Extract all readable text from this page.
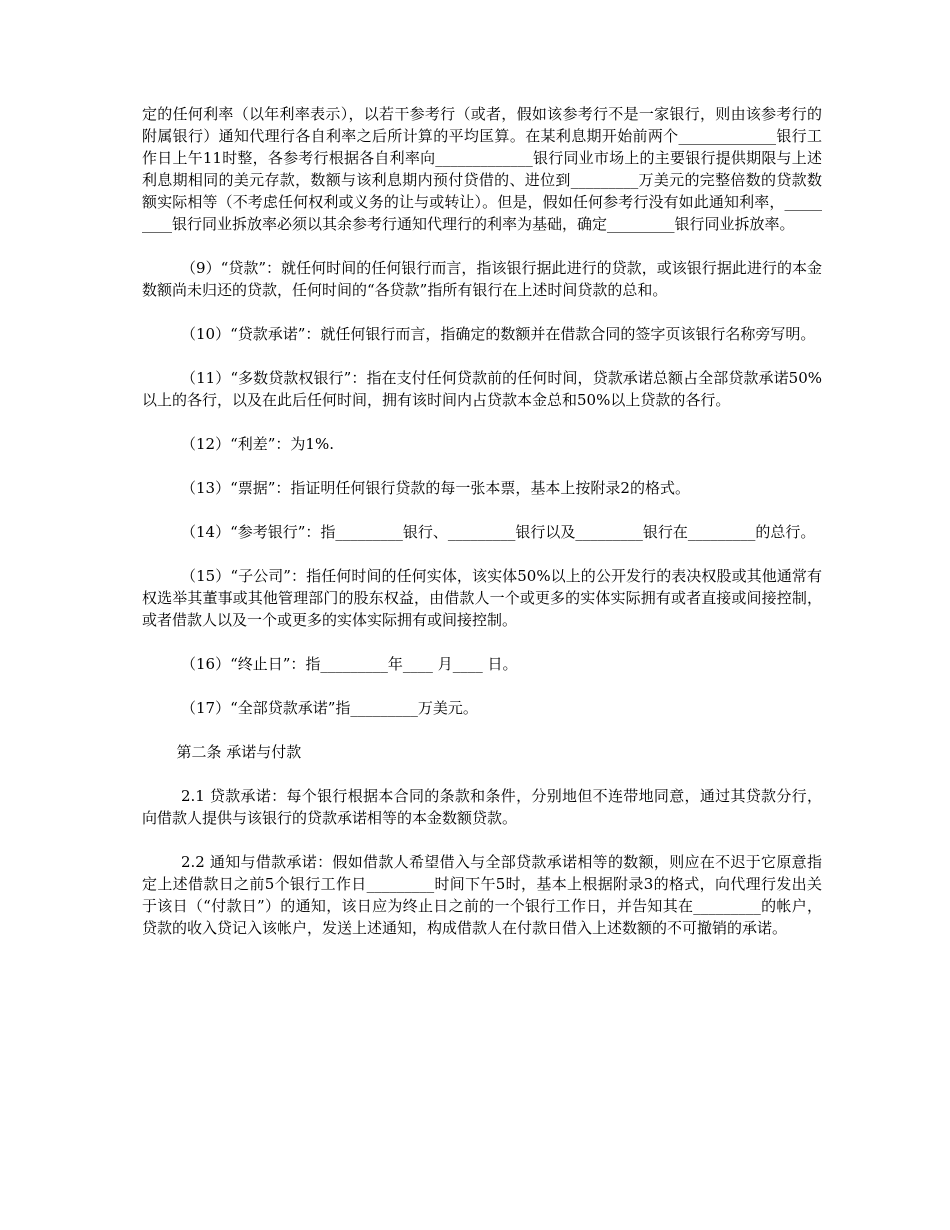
定的任何利率（以年利率表示），以若干参考行（或者，假如该参考行不是一家银行，则由该参考行的附属银行）通知代理行各自利率之后所计算的平均匡算。在某利息期开始前两个_____________银行工作日上午11时整，各参考行根据各自利率向_____________银行同业市场上的主要银行提供期限与上述利息期相同的美元存款，数额与该利息期内预付贷借的、进位到_________万美元的完整倍数的贷款数额实际相等（不考虑任何权利或义务的让与或转让）。但是，假如任何参考行没有如此通知利率，_________银行同业拆放率必须以其余参考行通知代理行的利率为基础，确定_________银行同业拆放率。

（9）“贷款”：就任何时间的任何银行而言，指该银行据此进行的贷款，或该银行据此进行的本金数额尚未归还的贷款，任何时间的“各贷款”指所有银行在上述时间贷款的总和。

（10）“贷款承诺”：就任何银行而言，指确定的数额并在借款合同的签字页该银行名称旁写明。

（11）“多数贷款权银行”：指在支付任何贷款前的任何时间，贷款承诺总额占全部贷款承诺50%以上的各行，以及在此后任何时间，拥有该时间内占贷款本金总和50%以上贷款的各行。

（12）“利差”：为1%.

（13）“票据”：指证明任何银行贷款的每一张本票，基本上按附录2的格式。

（14）“参考银行”：指_________银行、_________银行以及_________银行在_________的总行。

（15）“子公司”：指任何时间的任何实体，该实体50%以上的公开发行的表决权股或其他通常有权选举其董事或其他管理部门的股东权益，由借款人一个或更多的实体实际拥有或者直接或间接控制，或者借款人以及一个或更多的实体实际拥有或间接控制。

（16）“终止日”：指_________年____ 月____ 日。

（17）“全部贷款承诺”指_________万美元。

第二条 承诺与付款

2.1 贷款承诺：每个银行根据本合同的条款和条件，分别地但不连带地同意，通过其贷款分行，向借款人提供与该银行的贷款承诺相等的本金数额贷款。

2.2 通知与借款承诺：假如借款人希望借入与全部贷款承诺相等的数额，则应在不迟于它原意指定上述借款日之前5个银行工作日_________时间下午5时，基本上根据附录3的格式，向代理行发出关于该日（“付款日”）的通知，该日应为终止日之前的一个银行工作日，并告知其在_________的帐户，贷款的收入贷记入该帐户，发送上述通知，构成借款人在付款日借入上述数额的不可撤销的承诺。
